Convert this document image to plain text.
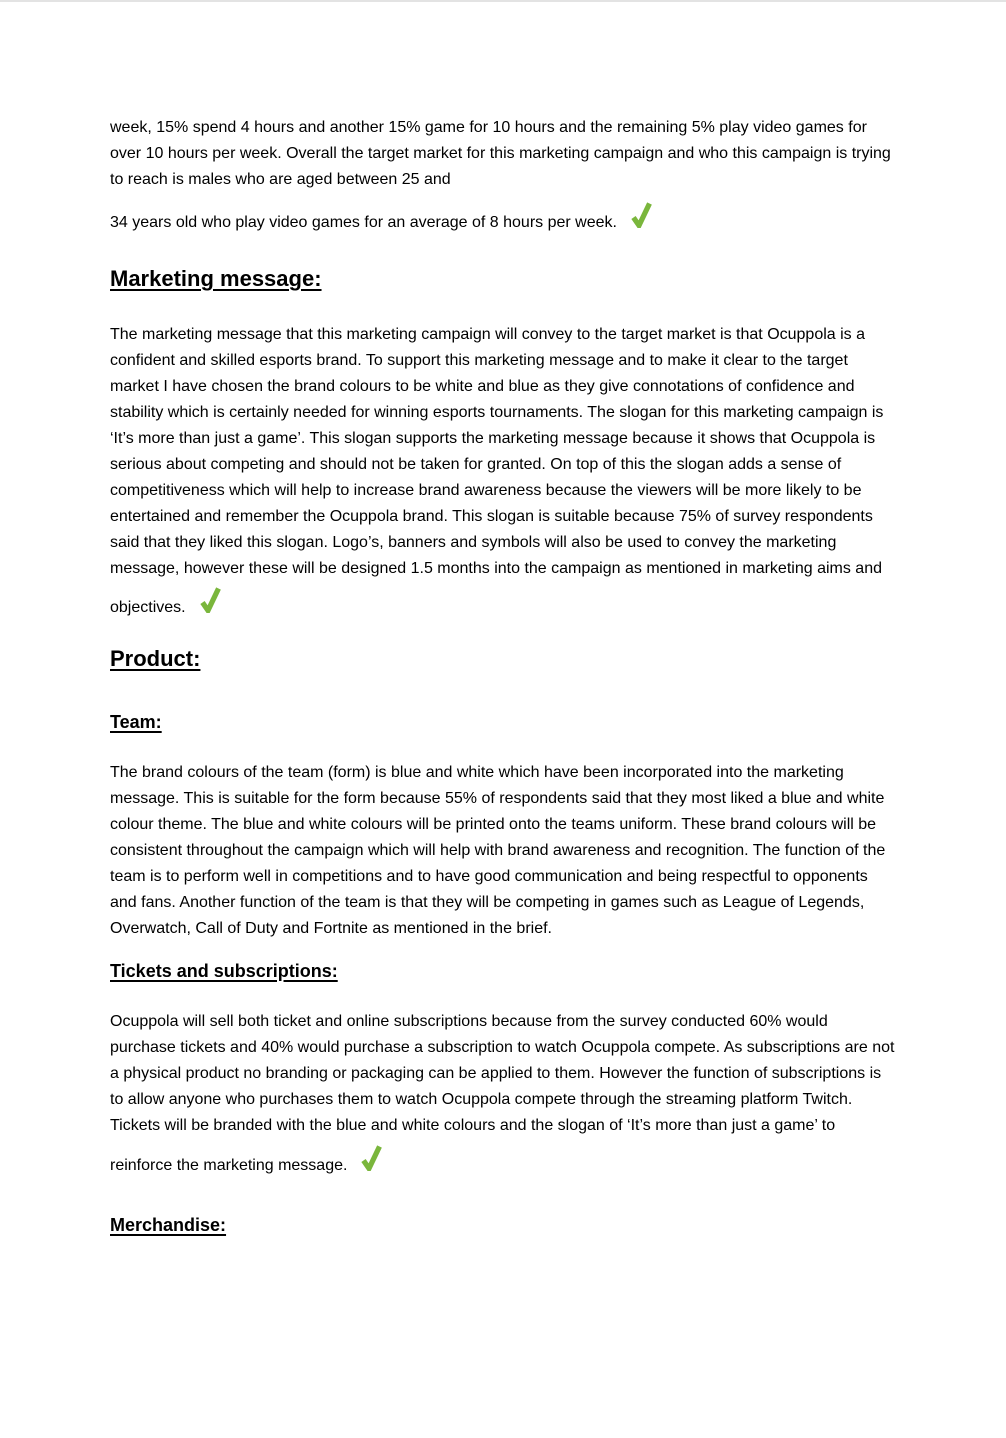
week, 15% spend 4 hours and another 15% game for 10 hours and the remaining 5% play video games for over 10 hours per week. Overall the target market for this marketing campaign and who this campaign is trying to reach is males who are aged between 25 and

34 years old who play video games for an average of 8 hours per week.
Marketing message:

The marketing message that this marketing campaign will convey to the target market is that Ocuppola is a confident and skilled esports brand. To support this marketing message and to make it clear to the target market I have chosen the brand colours to be white and blue as they give connotations of confidence and stability which is certainly needed for winning esports tournaments. The slogan for this marketing campaign is ‘It’s more than just a game’. This slogan supports the marketing message because it shows that Ocuppola is serious about competing and should not be taken for granted. On top of this the slogan adds a sense of competitiveness which will help to increase brand awareness because the viewers will be more likely to be entertained and remember the Ocuppola brand. This slogan is suitable because 75% of survey respondents said that they liked this slogan. Logo’s, banners and symbols will also be used to convey the marketing message, however these will be designed 1.5 months into the campaign as mentioned in marketing aims and

objectives.
Product:
Team:

The brand colours of the team (form) is blue and white which have been incorporated into the marketing message. This is suitable for the form because 55% of respondents said that they most liked a blue and white colour theme. The blue and white colours will be printed onto the teams uniform. These brand colours will be consistent throughout the campaign which will help with brand awareness and recognition. The function of the team is to perform well in competitions and to have good communication and being respectful to opponents and fans. Another function of the team is that they will be competing in games such as League of Legends, Overwatch, Call of Duty and Fortnite as mentioned in the brief.

Tickets and subscriptions:

Ocuppola will sell both ticket and online subscriptions because from the survey conducted 60% would purchase tickets and 40% would purchase a subscription to watch Ocuppola compete. As subscriptions are not a physical product no branding or packaging can be applied to them. However the function of subscriptions is to allow anyone who purchases them to watch Ocuppola compete through the streaming platform Twitch. Tickets will be branded with the blue and white colours and the slogan of ‘It’s more than just a game’ to

reinforce the marketing message.
Merchandise:
